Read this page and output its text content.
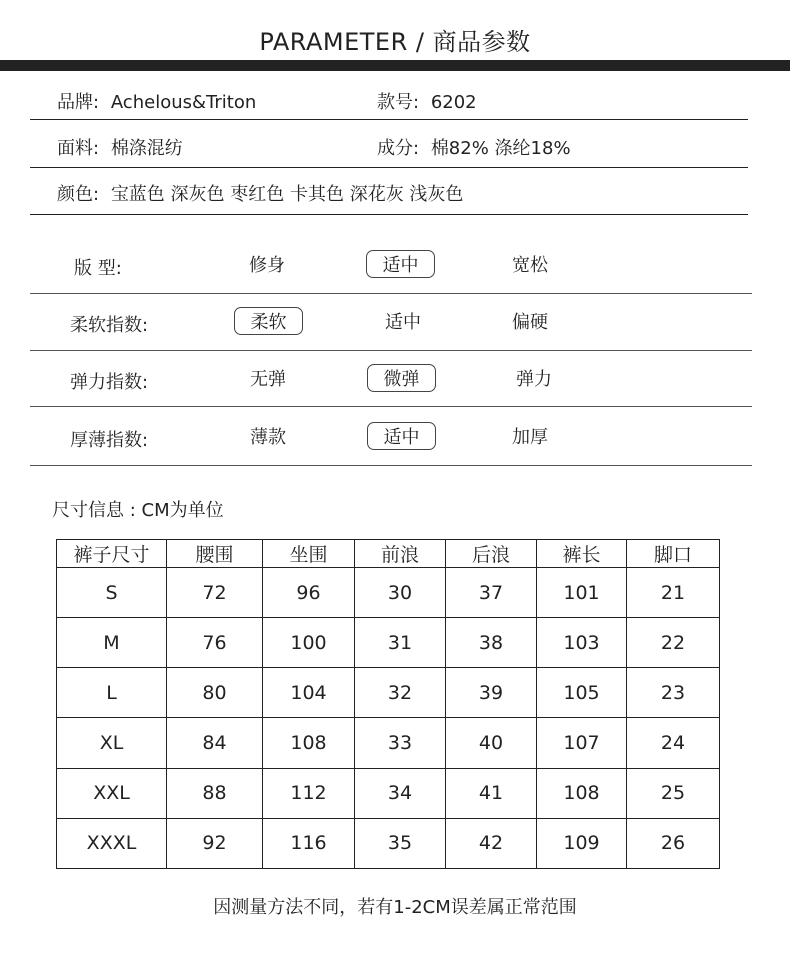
PARAMETER / 商品参数
品牌: Achelous&Triton	款号: 6202
面料: 棉涤混纺	成分: 棉82% 涤纶18%
颜色: 宝蓝色 深灰色 枣红色 卡其色 深花灰 浅灰色
版 型:	修身	适中	宽松
柔软指数:	柔软	适中	偏硬
弹力指数:	无弹	微弹	弹力
厚薄指数:	薄款	适中	加厚
尺寸信息 : CM为单位
裤子尺寸	腰围	坐围	前浪	后浪	裤长	脚口
S	72	96	30	37	101	21
M	76	100	31	38	103	22
L	80	104	32	39	105	23
XL	84	108	33	40	107	24
XXL	88	112	34	41	108	25
XXXL	92	116	35	42	109	26
因测量方法不同，若有1-2CM误差属正常范围
